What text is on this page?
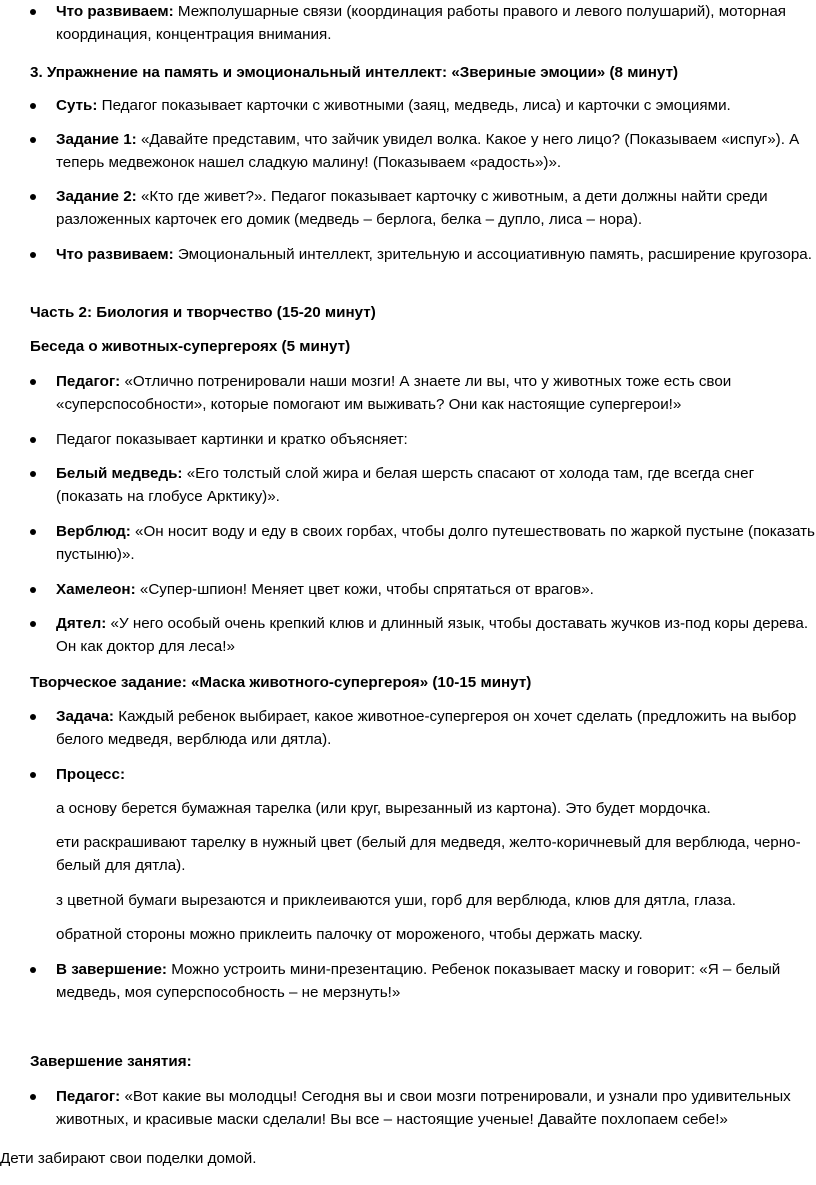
Что развиваем: Межполушарные связи (координация работы правого и левого полушарий), моторная координация, концентрация внимания.
3. Упражнение на память и эмоциональный интеллект: «Звериные эмоции» (8 минут)
Суть: Педагог показывает карточки с животными (заяц, медведь, лиса) и карточки с эмоциями.
Задание 1: «Давайте представим, что зайчик увидел волка. Какое у него лицо? (Показываем «испуг»). А теперь медвежонок нашел сладкую малину! (Показываем «радость»)».
Задание 2: «Кто где живет?». Педагог показывает карточку с животным, а дети должны найти среди разложенных карточек его домик (медведь – берлога, белка – дупло, лиса – нора).
Что развиваем: Эмоциональный интеллект, зрительную и ассоциативную память, расширение кругозора.
Часть 2: Биология и творчество (15-20 минут)
Беседа о животных-супергероях (5 минут)
Педагог: «Отлично потренировали наши мозги! А знаете ли вы, что у животных тоже есть свои «суперспособности», которые помогают им выживать? Они как настоящие супергерои!»
Педагог показывает картинки и кратко объясняет:
Белый медведь: «Его толстый слой жира и белая шерсть спасают от холода там, где всегда снег (показать на глобусе Арктику)».
Верблюд: «Он носит воду и еду в своих горбах, чтобы долго путешествовать по жаркой пустыне (показать пустыню)».
Хамелеон: «Супер-шпион! Меняет цвет кожи, чтобы спрятаться от врагов».
Дятел: «У него особый очень крепкий клюв и длинный язык, чтобы доставать жучков из-под коры дерева. Он как доктор для леса!»
Творческое задание: «Маска животного-супергероя» (10-15 минут)
Задача: Каждый ребенок выбирает, какое животное-супергероя он хочет сделать (предложить на выбор белого медведя, верблюда или дятла).
Процесс:
а основу берется бумажная тарелка (или круг, вырезанный из картона). Это будет мордочка.
ети раскрашивают тарелку в нужный цвет (белый для медведя, желто-коричневый для верблюда, черно-белый для дятла).
з цветной бумаги вырезаются и приклеиваются уши, горб для верблюда, клюв для дятла, глаза.
обратной стороны можно приклеить палочку от мороженого, чтобы держать маску.
В завершение: Можно устроить мини-презентацию. Ребенок показывает маску и говорит: «Я – белый медведь, моя суперспособность – не мерзнуть!»
Завершение занятия:
Педагог: «Вот какие вы молодцы! Сегодня вы и свои мозги потренировали, и узнали про удивительных животных, и красивые маски сделали! Вы все – настоящие ученые! Давайте похлопаем себе!»
Дети забирают свои поделки домой.
